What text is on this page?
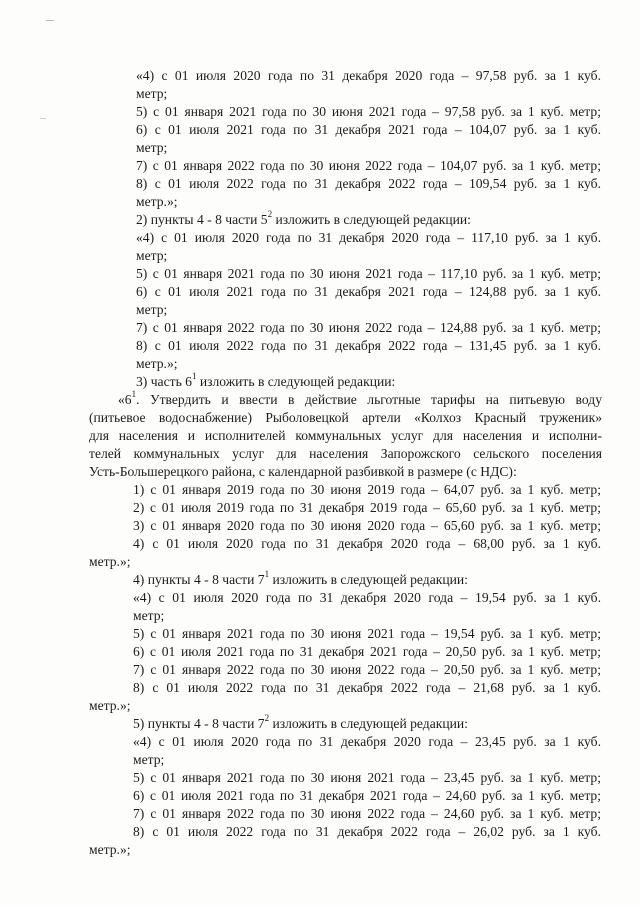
«4) с 01 июля 2020 года по 31 декабря 2020 года – 97,58 руб. за 1 куб.
метр;
5) с 01 января 2021 года по 30 июня 2021 года – 97,58 руб. за 1 куб. метр;
6) с 01 июля 2021 года по 31 декабря 2021 года – 104,07 руб. за 1 куб.
метр;
7) с 01 января 2022 года по 30 июня 2022 года – 104,07 руб. за 1 куб. метр;
8) с 01 июля 2022 года по 31 декабря 2022 года – 109,54 руб. за 1 куб.
метр.»;
2) пункты 4 - 8 части $5^2$ изложить в следующей редакции:
«4) с 01 июля 2020 года по 31 декабря 2020 года – 117,10 руб. за 1 куб.
метр;
5) с 01 января 2021 года по 30 июня 2021 года – 117,10 руб. за 1 куб. метр;
6) с 01 июля 2021 года по 31 декабря 2021 года – 124,88 руб. за 1 куб.
метр;
7) с 01 января 2022 года по 30 июня 2022 года – 124,88 руб. за 1 куб. метр;
8) с 01 июля 2022 года по 31 декабря 2022 года – 131,45 руб. за 1 куб.
метр.»;
3) часть $6^1$ изложить в следующей редакции:
«$6^1$. Утвердить и ввести в действие льготные тарифы на питьевую воду
(питьевое водоснабжение) Рыболовецкой артели «Колхоз Красный труженик»
для населения и исполнителей коммунальных услуг для населения и исполни-
телей коммунальных услуг для населения Запорожского сельского поселения
Усть-Большерецкого района, с календарной разбивкой в размере (с НДС):
1) с 01 января 2019 года по 30 июня 2019 года – 64,07 руб. за 1 куб. метр;
2) с 01 июля 2019 года по 31 декабря 2019 года – 65,60 руб. за 1 куб. метр;
3) с 01 января 2020 года по 30 июня 2020 года – 65,60 руб. за 1 куб. метр;
4) с 01 июля 2020 года по 31 декабря 2020 года – 68,00 руб. за 1 куб.
метр.»;
4) пункты 4 - 8 части $7^1$ изложить в следующей редакции:
«4) с 01 июля 2020 года по 31 декабря 2020 года – 19,54 руб. за 1 куб.
метр;
5) с 01 января 2021 года по 30 июня 2021 года – 19,54 руб. за 1 куб. метр;
6) с 01 июля 2021 года по 31 декабря 2021 года – 20,50 руб. за 1 куб. метр;
7) с 01 января 2022 года по 30 июня 2022 года – 20,50 руб. за 1 куб. метр;
8) с 01 июля 2022 года по 31 декабря 2022 года – 21,68 руб. за 1 куб.
метр.»;
5) пункты 4 - 8 части $7^2$ изложить в следующей редакции:
«4) с 01 июля 2020 года по 31 декабря 2020 года – 23,45 руб. за 1 куб.
метр;
5) с 01 января 2021 года по 30 июня 2021 года – 23,45 руб. за 1 куб. метр;
6) с 01 июля 2021 года по 31 декабря 2021 года – 24,60 руб. за 1 куб. метр;
7) с 01 января 2022 года по 30 июня 2022 года – 24,60 руб. за 1 куб. метр;
8) с 01 июля 2022 года по 31 декабря 2022 года – 26,02 руб. за 1 куб.
метр.»;
